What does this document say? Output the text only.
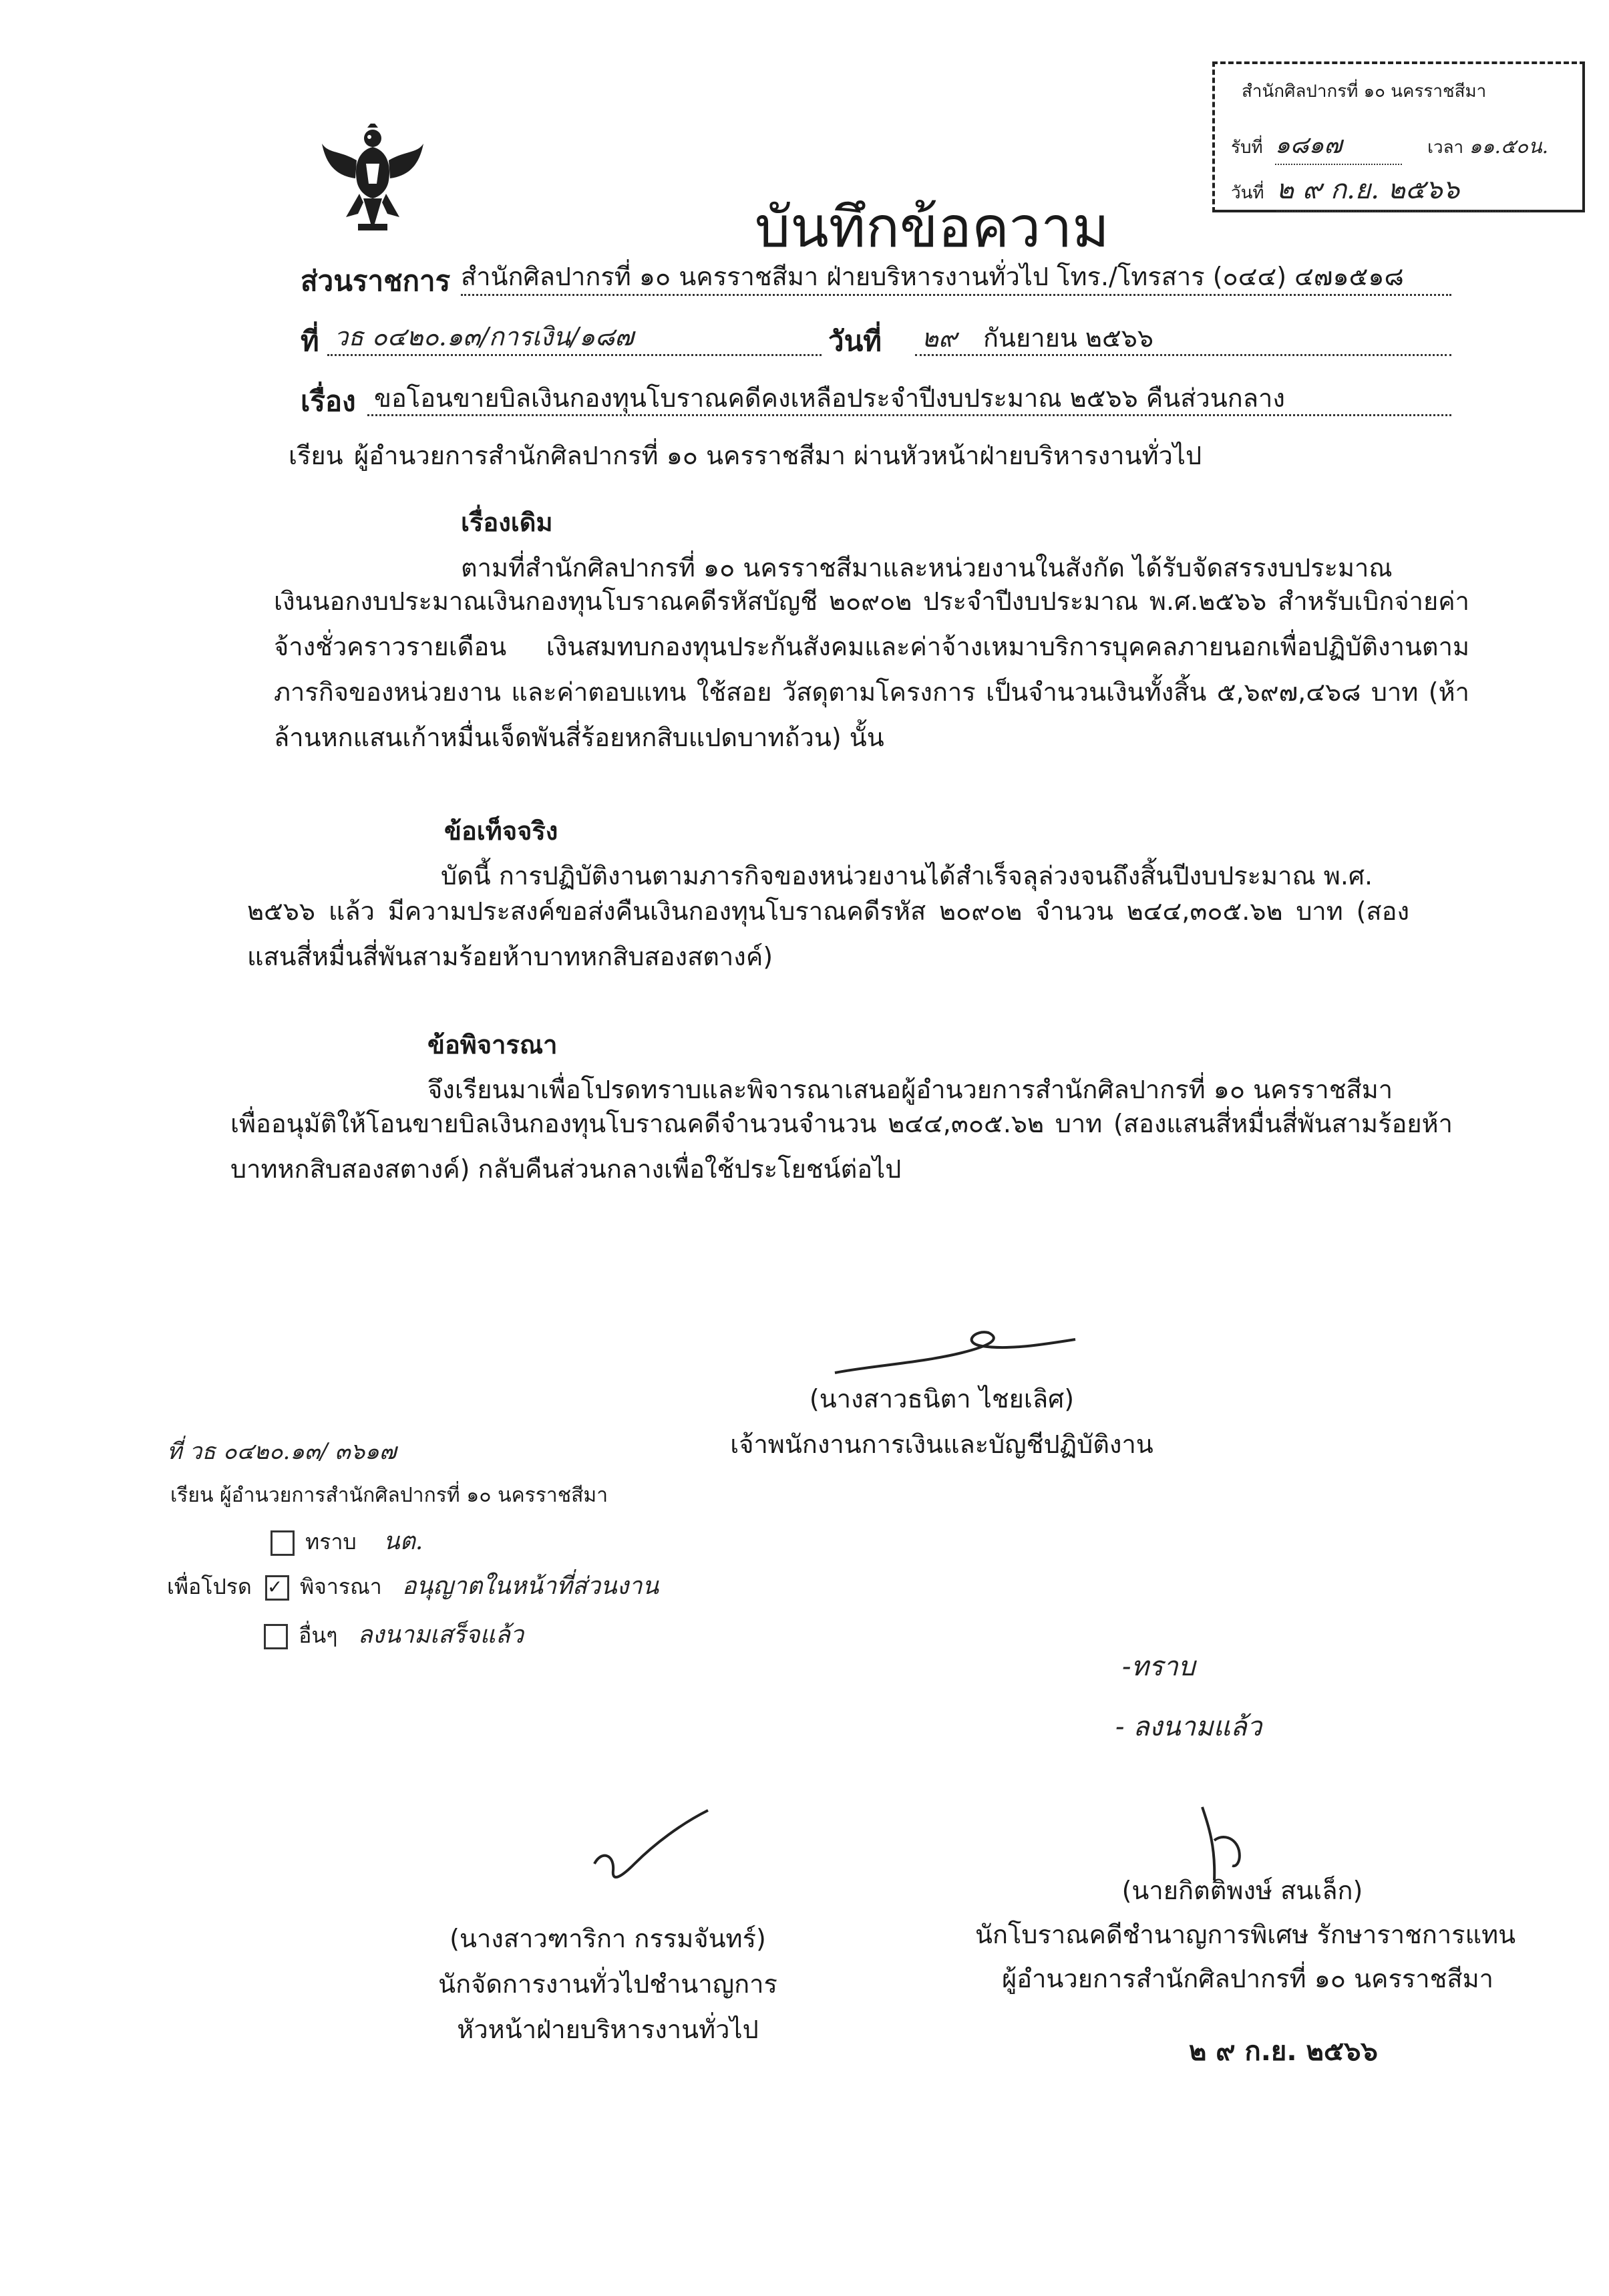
สำนักศิลปากรที่ ๑๐ นครราชสีมา
รับที่ ๑๘๑๗	เวลา ๑๑.๕๐น.
วันที่ ๒ ๙ ก.ย. ๒๕๖๖
บันทึกข้อความ
ส่วนราชการ สำนักศิลปากรที่ ๑๐ นครราชสีมา ฝ่ายบริหารงานทั่วไป โทร./โทรสาร (๐๔๔) ๔๗๑๕๑๘
ที่ วธ ๐๔๒๐.๑๓/การเงิน/๑๘๗	วันที่ ๒๙ กันยายน ๒๕๖๖
เรื่อง ขอโอนขายบิลเงินกองทุนโบราณคดีคงเหลือประจำปีงบประมาณ ๒๕๖๖ คืนส่วนกลาง
เรียน ผู้อำนวยการสำนักศิลปากรที่ ๑๐ นครราชสีมา ผ่านหัวหน้าฝ่ายบริหารงานทั่วไป
เรื่องเดิม
ตามที่สำนักศิลปากรที่ ๑๐ นครราชสีมาและหน่วยงานในสังกัด ได้รับจัดสรรงบประมาณ
เงินนอกงบประมาณเงินกองทุนโบราณคดีรหัสบัญชี ๒๐๙๐๒ ประจำปีงบประมาณ พ.ศ.๒๕๖๖ สำหรับเบิกจ่ายค่าจ้างชั่วคราวรายเดือน เงินสมทบกองทุนประกันสังคมและค่าจ้างเหมาบริการบุคคลภายนอกเพื่อปฏิบัติงานตามภารกิจของหน่วยงาน และค่าตอบแทน ใช้สอย วัสดุตามโครงการ เป็นจำนวนเงินทั้งสิ้น ๕,๖๙๗,๔๖๘ บาท (ห้าล้านหกแสนเก้าหมื่นเจ็ดพันสี่ร้อยหกสิบแปดบาทถ้วน) นั้น
ข้อเท็จจริง
บัดนี้ การปฏิบัติงานตามภารกิจของหน่วยงานได้สำเร็จลุล่วงจนถึงสิ้นปีงบประมาณ พ.ศ.
๒๕๖๖ แล้ว มีความประสงค์ขอส่งคืนเงินกองทุนโบราณคดีรหัส ๒๐๙๐๒ จำนวน ๒๔๔,๓๐๕.๖๒ บาท (สองแสนสี่หมื่นสี่พันสามร้อยห้าบาทหกสิบสองสตางค์)
ข้อพิจารณา
จึงเรียนมาเพื่อโปรดทราบและพิจารณาเสนอผู้อำนวยการสำนักศิลปากรที่ ๑๐ นครราชสีมา
เพื่ออนุมัติให้โอนขายบิลเงินกองทุนโบราณคดีจำนวนจำนวน ๒๔๔,๓๐๕.๖๒ บาท (สองแสนสี่หมื่นสี่พันสามร้อยห้าบาทหกสิบสองสตางค์) กลับคืนส่วนกลางเพื่อใช้ประโยชน์ต่อไป
(นางสาวธนิตา ไชยเลิศ)
เจ้าพนักงานการเงินและบัญชีปฏิบัติงาน
ที่ วธ ๐๔๒๐.๑๓/ ๓๖๑๗
เรียน ผู้อำนวยการสำนักศิลปากรที่ ๑๐ นครราชสีมา
ทราบ นต.
เพื่อโปรด ✓ พิจารณา อนุญาตในหน้าที่ส่วนงาน
อื่นๆ ลงนามเสร็จแล้ว
-ทราบ
- ลงนามแล้ว
(นางสาวฑาริกา กรรมจันทร์)
นักจัดการงานทั่วไปชำนาญการ
หัวหน้าฝ่ายบริหารงานทั่วไป
(นายกิตติพงษ์ สนเล็ก)
นักโบราณคดีชำนาญการพิเศษ รักษาราชการแทน
ผู้อำนวยการสำนักศิลปากรที่ ๑๐ นครราชสีมา
๒ ๙ ก.ย. ๒๕๖๖
